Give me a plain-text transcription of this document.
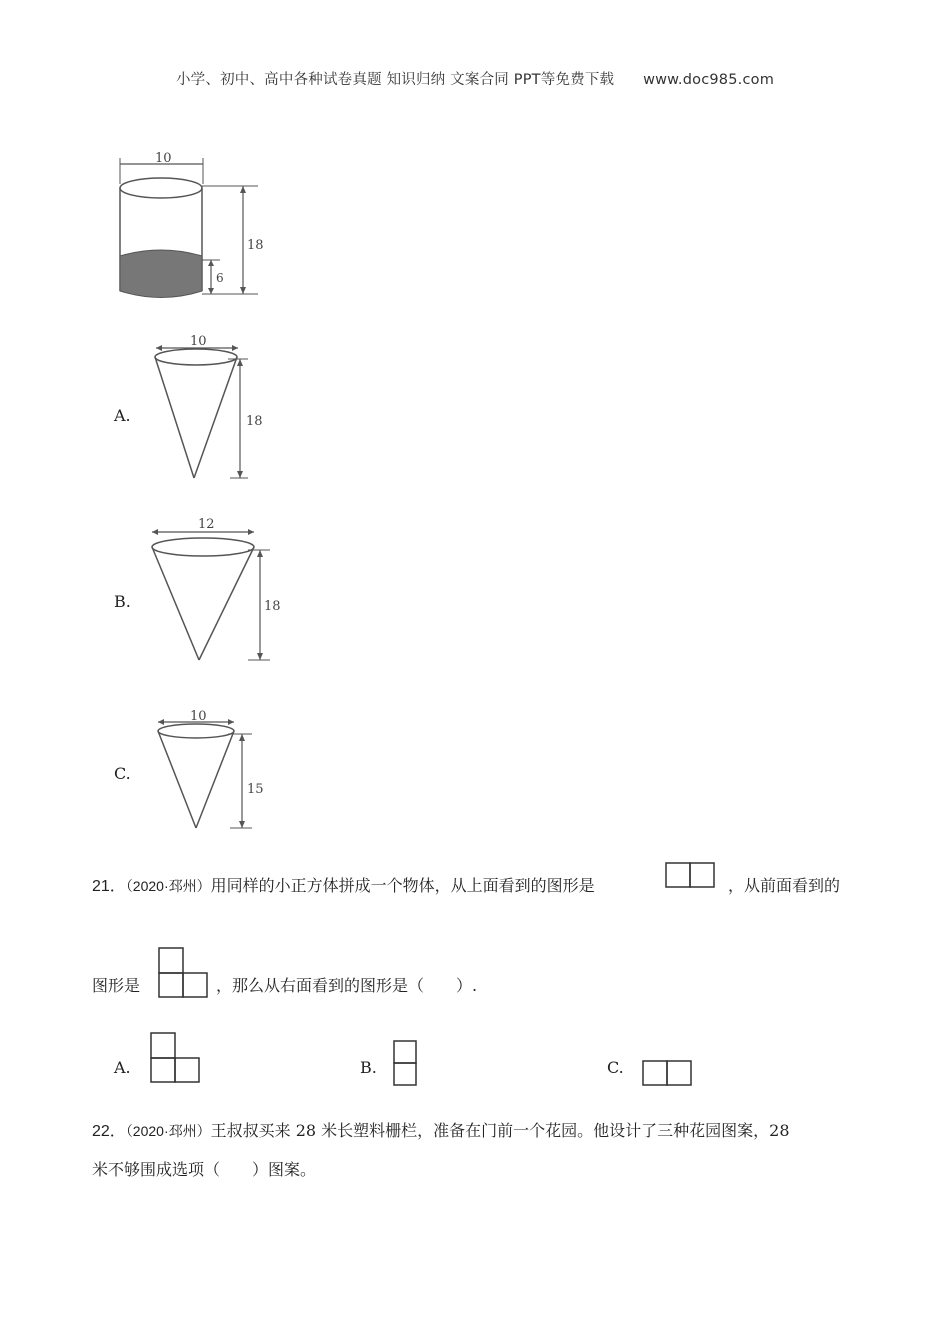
小学、初中、高中各种试卷真题 知识归纳 文案合同 PPT等免费下载 www.doc985.com
10
18
6
A.
10
18
B.
12
18
C.
10
15
21．（2020·邳州）用同样的小正方体拼成一个物体，从上面看到的图形是	，从前面看到的
图形是	，那么从右面看到的图形是（　　）.
A.	B.	C.
22．（2020·邳州）王叔叔买来 28 米长塑料栅栏，准备在门前一个花园。他设计了三种花园图案，28
米不够围成选项（　　）图案。
